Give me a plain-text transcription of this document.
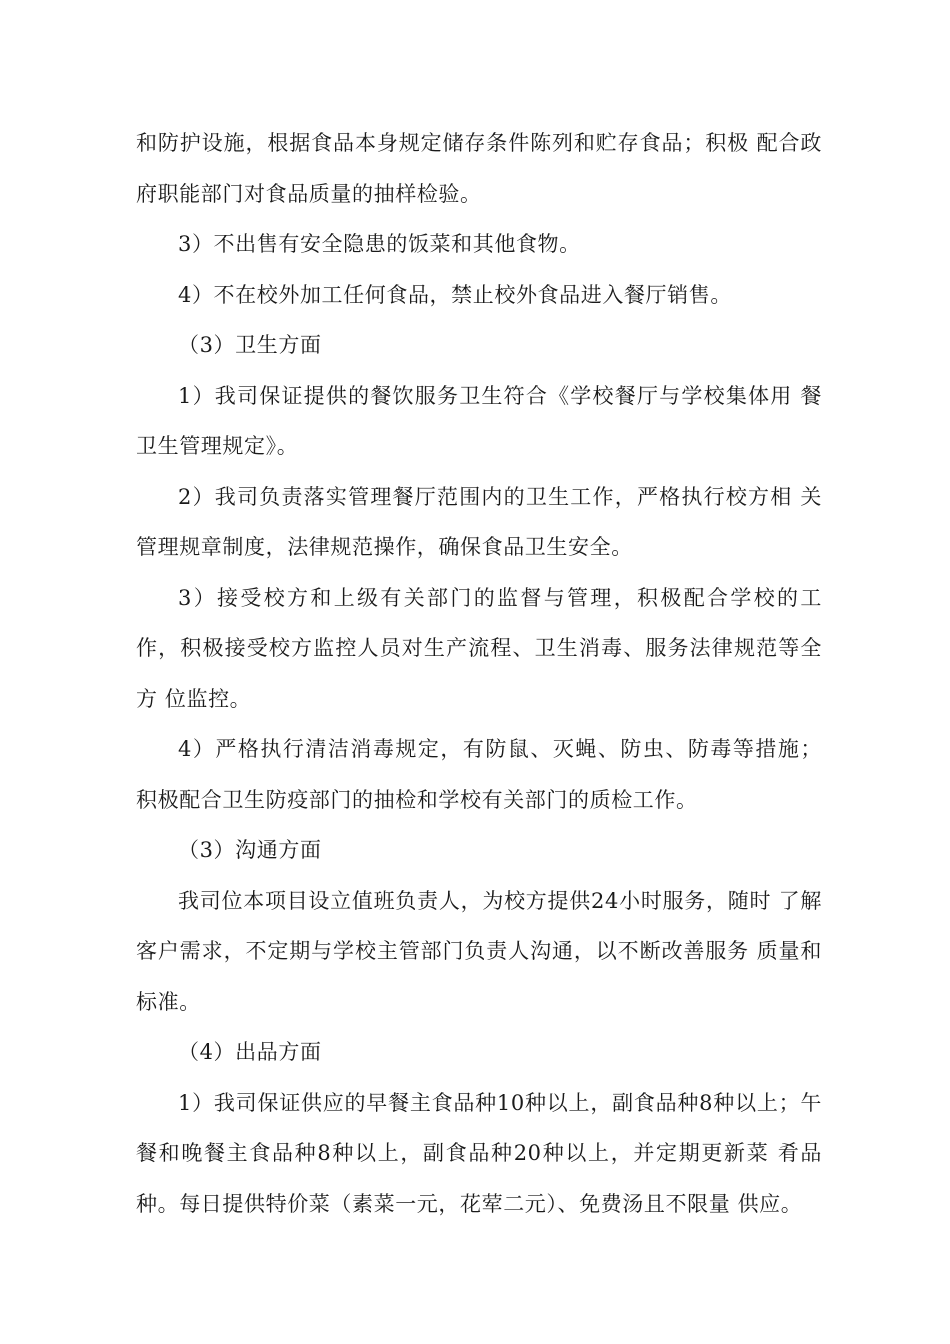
和防护设施，根据食品本身规定储存条件陈列和贮存食品；积极 配合政府职能部门对食品质量的抽样检验。

3）不出售有安全隐患的饭菜和其他食物。

4）不在校外加工任何食品，禁止校外食品进入餐厅销售。

（3）卫生方面

1）我司保证提供的餐饮服务卫生符合《学校餐厅与学校集体用 餐卫生管理规定》。

2）我司负责落实管理餐厅范围内的卫生工作，严格执行校方相 关管理规章制度，法律规范操作，确保食品卫生安全。

3）接受校方和上级有关部门的监督与管理，积极配合学校的工 作，积极接受校方监控人员对生产流程、卫生消毒、服务法律规范等全方 位监控。

4）严格执行清洁消毒规定，有防鼠、灭蝇、防虫、防毒等措施； 积极配合卫生防疫部门的抽检和学校有关部门的质检工作。

（3）沟通方面

我司位本项目设立值班负责人，为校方提供24小时服务，随时 了解客户需求，不定期与学校主管部门负责人沟通，以不断改善服务 质量和标准。

（4）出品方面

1）我司保证供应的早餐主食品种10种以上，副食品种8种以上；午餐和晚餐主食品种8种以上，副食品种20种以上，并定期更新菜 肴品种。每日提供特价菜（素菜一元，花荤二元）、免费汤且不限量 供应。
